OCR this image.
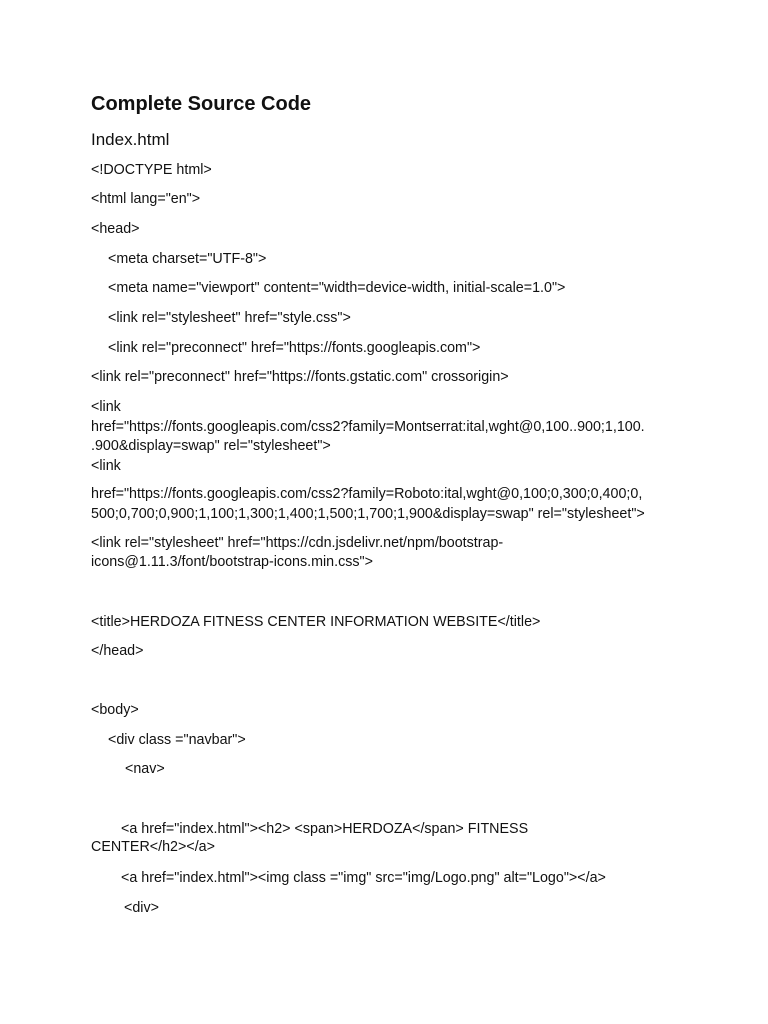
Complete Source Code
Index.html
<!DOCTYPE html>
<html lang="en">
<head>
<meta charset="UTF-8">
<meta name="viewport" content="width=device-width, initial-scale=1.0">
<link rel="stylesheet" href="style.css">
<link rel="preconnect" href="https://fonts.googleapis.com">
<link rel="preconnect" href="https://fonts.gstatic.com" crossorigin>
<link
href="https://fonts.googleapis.com/css2?family=Montserrat:ital,wght@0,100..900;1,100.
.900&display=swap" rel="stylesheet">
<link
href="https://fonts.googleapis.com/css2?family=Roboto:ital,wght@0,100;0,300;0,400;0,
500;0,700;0,900;1,100;1,300;1,400;1,500;1,700;1,900&display=swap" rel="stylesheet">
<link rel="stylesheet" href="https://cdn.jsdelivr.net/npm/bootstrap-
icons@1.11.3/font/bootstrap-icons.min.css">
<title>HERDOZA FITNESS CENTER INFORMATION WEBSITE</title>
</head>
<body>
<div class ="navbar">
<nav>
<a href="index.html"><h2> <span>HERDOZA</span> FITNESS
CENTER</h2></a>
<a href="index.html"><img class ="img" src="img/Logo.png" alt="Logo"></a>
<div>
